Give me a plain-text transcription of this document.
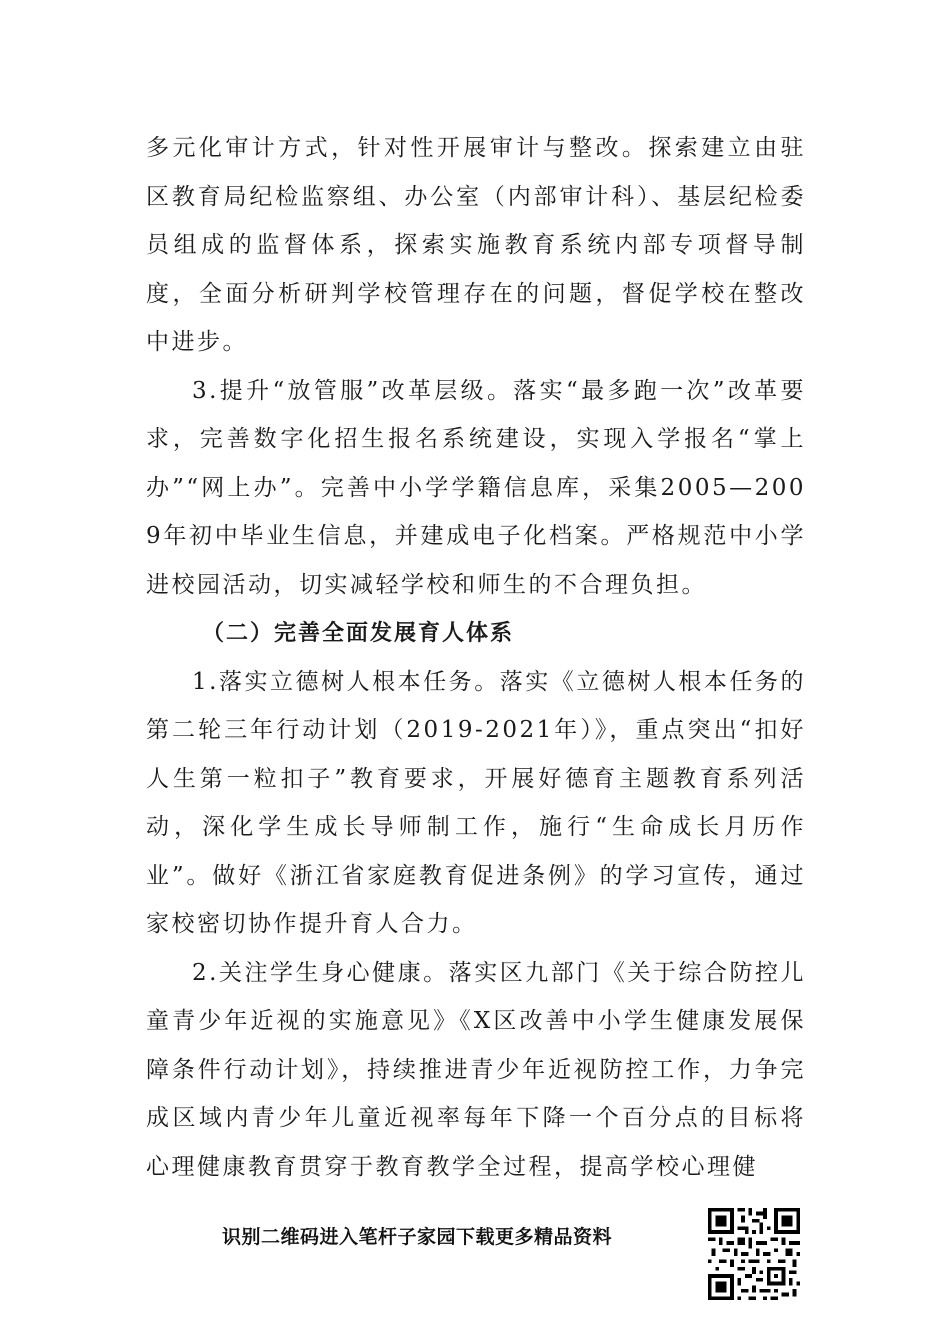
多元化审计方式，针对性开展审计与整改。探索建立由驻区教育局纪检监察组、办公室（内部审计科）、基层纪检委员组成的监督体系，探索实施教育系统内部专项督导制度，全面分析研判学校管理存在的问题，督促学校在整改中进步。

3.提升“放管服”改革层级。落实“最多跑一次”改革要求，完善数字化招生报名系统建设，实现入学报名“掌上办”“网上办”。完善中小学学籍信息库，采集2005—2009年初中毕业生信息，并建成电子化档案。严格规范中小学进校园活动，切实减轻学校和师生的不合理负担。

（二）完善全面发展育人体系

1.落实立德树人根本任务。落实《立德树人根本任务的第二轮三年行动计划（2019-2021年）》，重点突出“扣好人生第一粒扣子”教育要求，开展好德育主题教育系列活动，深化学生成长导师制工作，施行“生命成长月历作业”。做好《浙江省家庭教育促进条例》的学习宣传，通过家校密切协作提升育人合力。

2.关注学生身心健康。落实区九部门《关于综合防控儿童青少年近视的实施意见》《X区改善中小学生健康发展保障条件行动计划》，持续推进青少年近视防控工作，力争完成区域内青少年儿童近视率每年下降一个百分点的目标将心理健康教育贯穿于教育教学全过程，提高学校心理健

识别二维码进入笔杆子家园下载更多精品资料
